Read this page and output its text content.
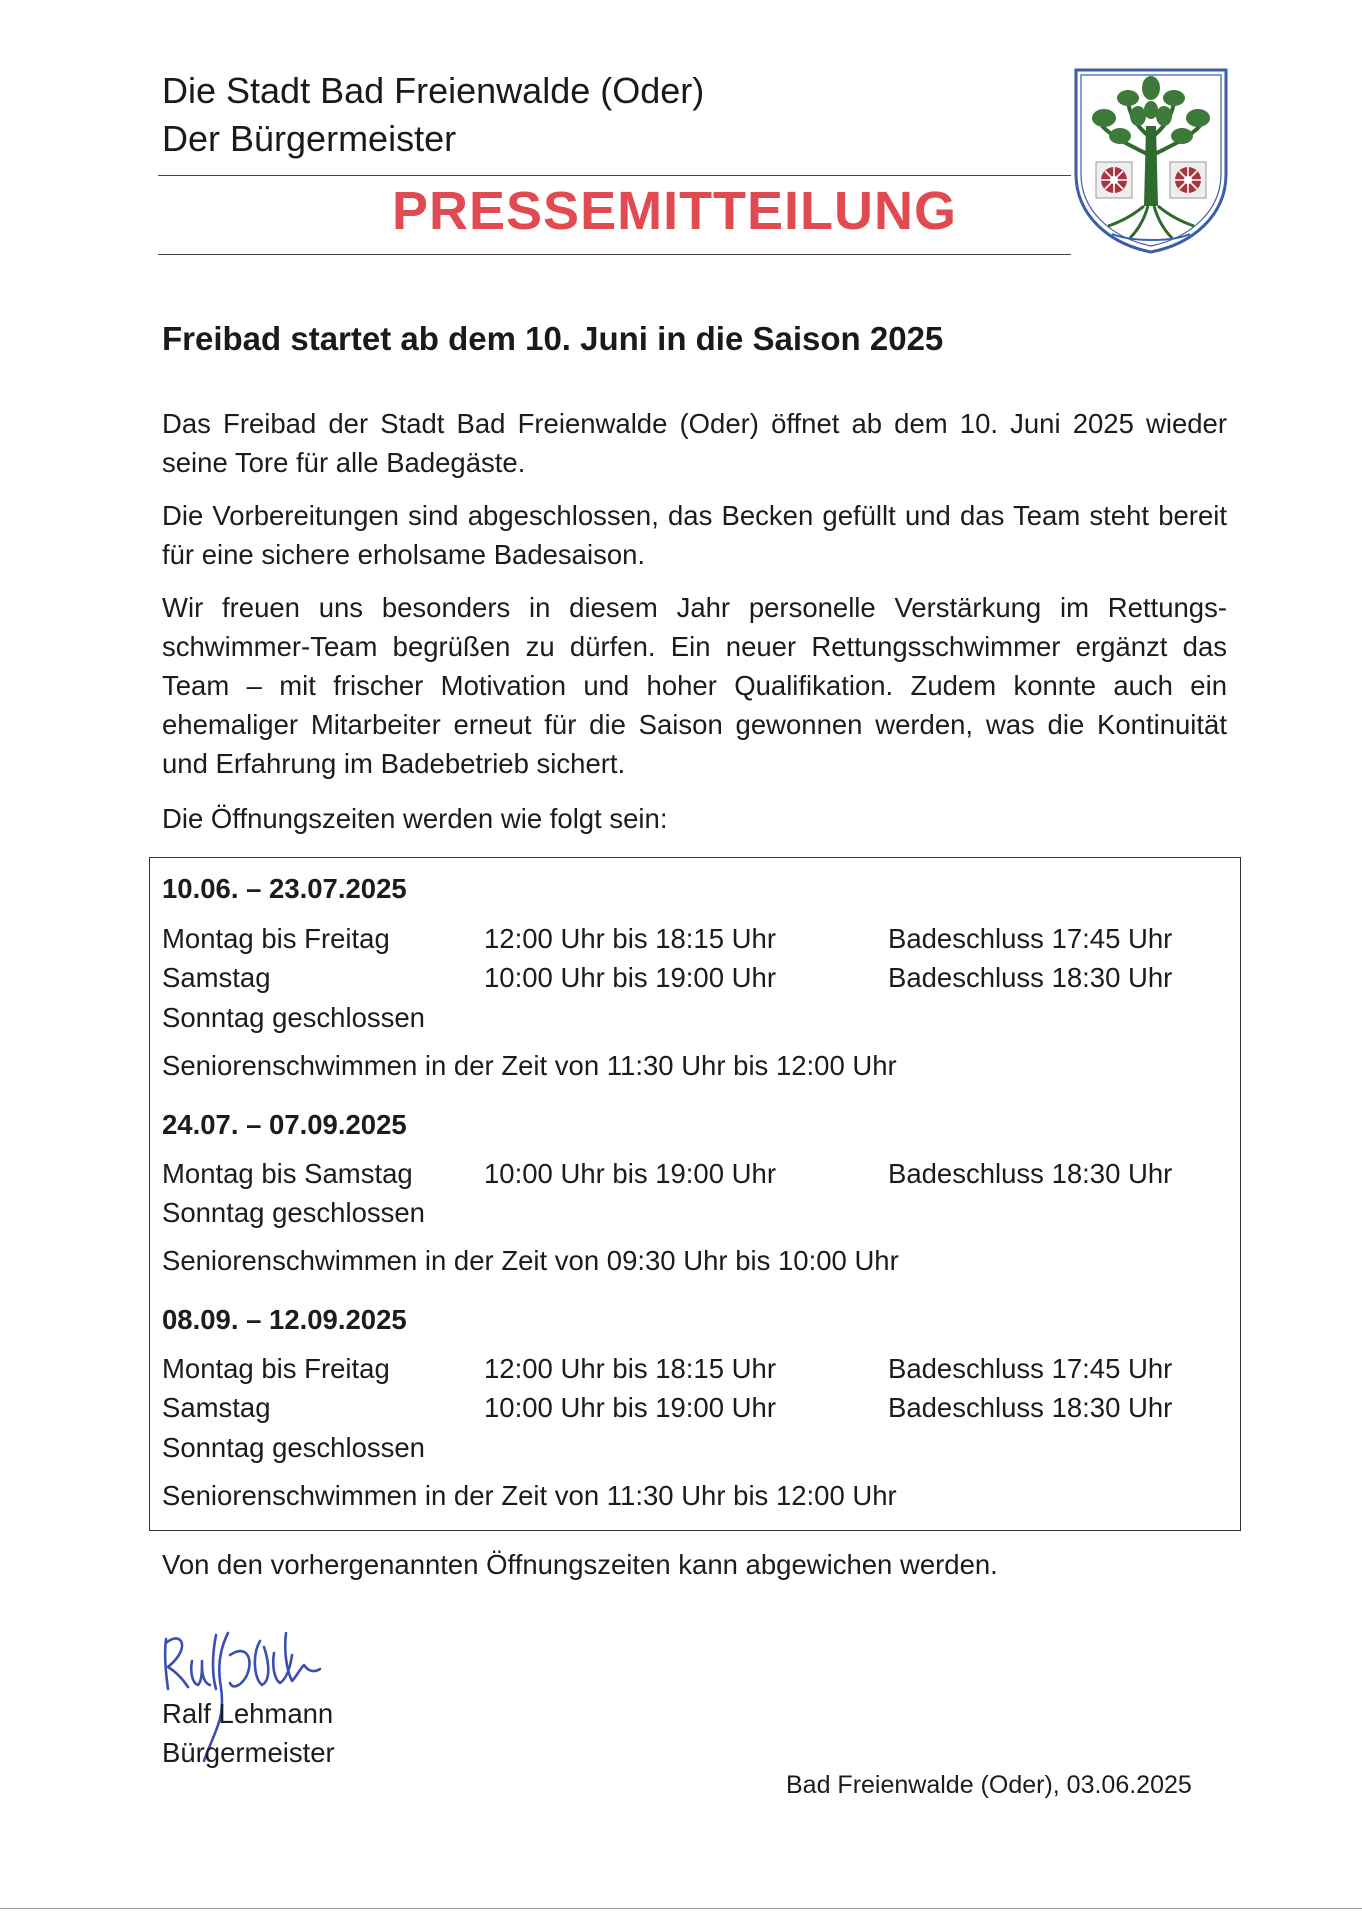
Die Stadt Bad Freienwalde (Oder)
Der Bürgermeister
PRESSEMITTEILUNG
Freibad startet ab dem 10. Juni in die Saison 2025
Das Freibad der Stadt Bad Freienwalde (Oder) öffnet ab dem 10. Juni 2025 wieder seine Tore für alle Badegäste.
Die Vorbereitungen sind abgeschlossen, das Becken gefüllt und das Team steht bereit für eine sichere erholsame Badesaison.
Wir freuen uns besonders in diesem Jahr personelle Verstärkung im Rettungs-schwimmer-Team begrüßen zu dürfen. Ein neuer Rettungsschwimmer ergänzt das Team – mit frischer Motivation und hoher Qualifikation. Zudem konnte auch ein ehemaliger Mitarbeiter erneut für die Saison gewonnen werden, was die Kontinuität und Erfahrung im Badebetrieb sichert.
Die Öffnungszeiten werden wie folgt sein:
10.06. – 23.07.2025
Montag bis Freitag	12:00 Uhr bis 18:15 Uhr	Badeschluss 17:45 Uhr
Samstag	10:00 Uhr bis 19:00 Uhr	Badeschluss 18:30 Uhr
Sonntag geschlossen
Seniorenschwimmen in der Zeit von 11:30 Uhr bis 12:00 Uhr
24.07. – 07.09.2025
Montag bis Samstag	10:00 Uhr bis 19:00 Uhr	Badeschluss 18:30 Uhr
Sonntag geschlossen
Seniorenschwimmen in der Zeit von 09:30 Uhr bis 10:00 Uhr
08.09. – 12.09.2025
Montag bis Freitag	12:00 Uhr bis 18:15 Uhr	Badeschluss 17:45 Uhr
Samstag	10:00 Uhr bis 19:00 Uhr	Badeschluss 18:30 Uhr
Sonntag geschlossen
Seniorenschwimmen in der Zeit von 11:30 Uhr bis 12:00 Uhr
Von den vorhergenannten Öffnungszeiten kann abgewichen werden.
Ralf Lehmann
Bürgermeister
Bad Freienwalde (Oder), 03.06.2025
